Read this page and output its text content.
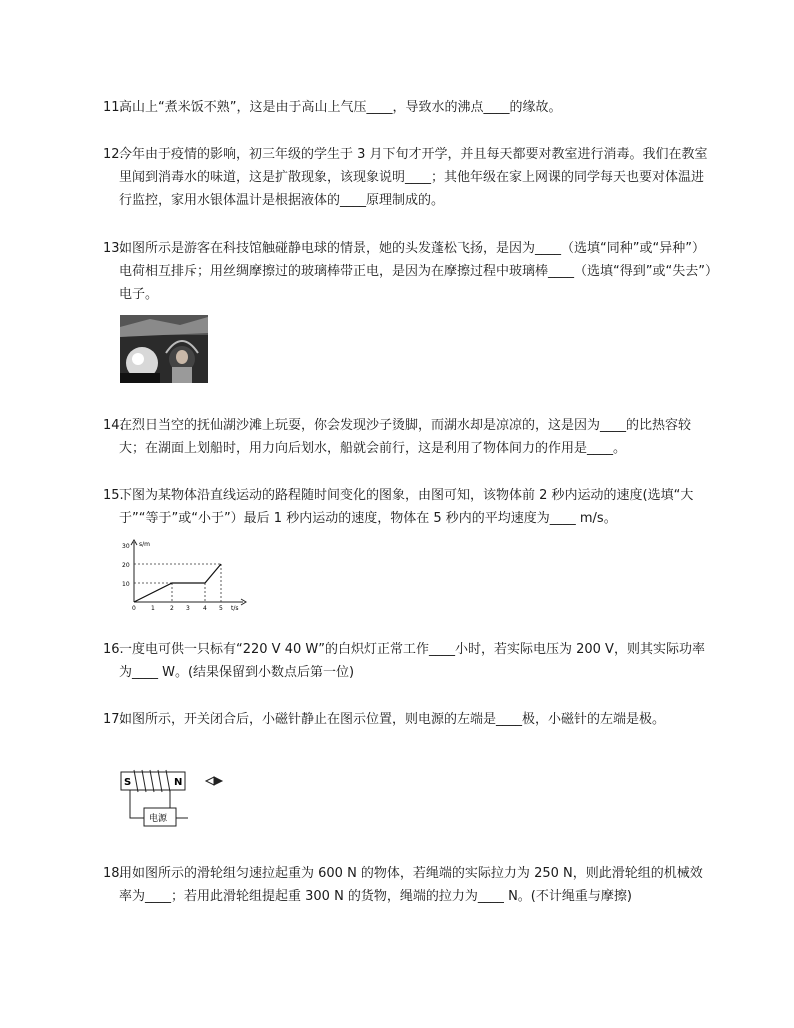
11.
高山上“煮米饭不熟”，这是由于高山上气压____，导致水的沸点____的缘故。
12.
今年由于疫情的影响，初三年级的学生于 3 月下旬才开学，并且每天都要对教室进行消毒。我们在教室里闻到消毒水的味道，这是扩散现象，该现象说明____；其他年级在家上网课的同学每天也要对体温进行监控，家用水银体温计是根据液体的____原理制成的。
13.
如图所示是游客在科技馆触碰静电球的情景，她的头发蓬松飞扬，是因为____（选填“同种”或“异种”）电荷相互排斥；用丝绸摩擦过的玻璃棒带正电，是因为在摩擦过程中玻璃棒____（选填“得到”或“失去”）电子。
14.
在烈日当空的抚仙湖沙滩上玩耍，你会发现沙子烫脚，而湖水却是凉凉的，这是因为____的比热容较大；在湖面上划船时，用力向后划水，船就会前行，这是利用了物体间力的作用是____。
15.
下图为某物体沿直线运动的路程随时间变化的图象，由图可知，该物体前 2 秒内运动的速度(选填“大于”“等于”或“小于”）最后 1 秒内运动的速度，物体在 5 秒内的平均速度为____ m/s。
s/m
t/s
30
20
10
0	1	2 3 4 5
16.
一度电可供一只标有“220 V 40 W”的白炽灯正常工作____小时，若实际电压为 200 V，则其实际功率为____ W。(结果保留到小数点后第一位)
17.
如图所示，开关闭合后，小磁针静止在图示位置，则电源的左端是____极，小磁针的左端是极。
S	N
电源
18.
用如图所示的滑轮组匀速拉起重为 600 N 的物体，若绳端的实际拉力为 250 N，则此滑轮组的机械效率为____；若用此滑轮组提起重 300 N 的货物，绳端的拉力为____ N。(不计绳重与摩擦)
